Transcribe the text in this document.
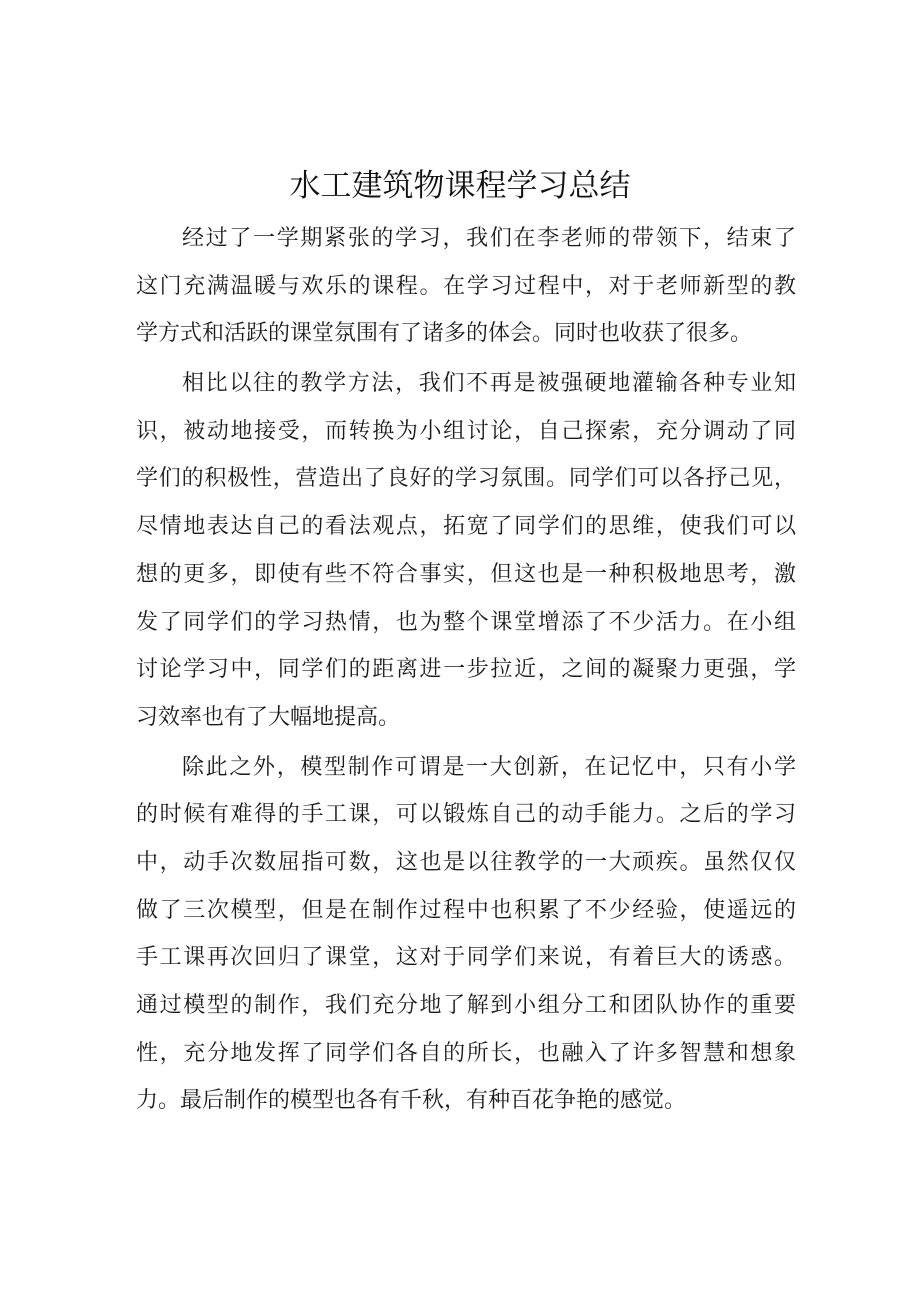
水工建筑物课程学习总结
经过了一学期紧张的学习，我们在李老师的带领下，结束了
这门充满温暖与欢乐的课程。在学习过程中，对于老师新型的教
学方式和活跃的课堂氛围有了诸多的体会。同时也收获了很多。
相比以往的教学方法，我们不再是被强硬地灌输各种专业知
识，被动地接受，而转换为小组讨论，自己探索，充分调动了同
学们的积极性，营造出了良好的学习氛围。同学们可以各抒己见，
尽情地表达自己的看法观点，拓宽了同学们的思维，使我们可以
想的更多，即使有些不符合事实，但这也是一种积极地思考，激
发了同学们的学习热情，也为整个课堂增添了不少活力。在小组
讨论学习中，同学们的距离进一步拉近，之间的凝聚力更强，学
习效率也有了大幅地提高。
除此之外，模型制作可谓是一大创新，在记忆中，只有小学
的时候有难得的手工课，可以锻炼自己的动手能力。之后的学习
中，动手次数屈指可数，这也是以往教学的一大顽疾。虽然仅仅
做了三次模型，但是在制作过程中也积累了不少经验，使遥远的
手工课再次回归了课堂，这对于同学们来说，有着巨大的诱惑。
通过模型的制作，我们充分地了解到小组分工和团队协作的重要
性，充分地发挥了同学们各自的所长，也融入了许多智慧和想象
力。最后制作的模型也各有千秋，有种百花争艳的感觉。
